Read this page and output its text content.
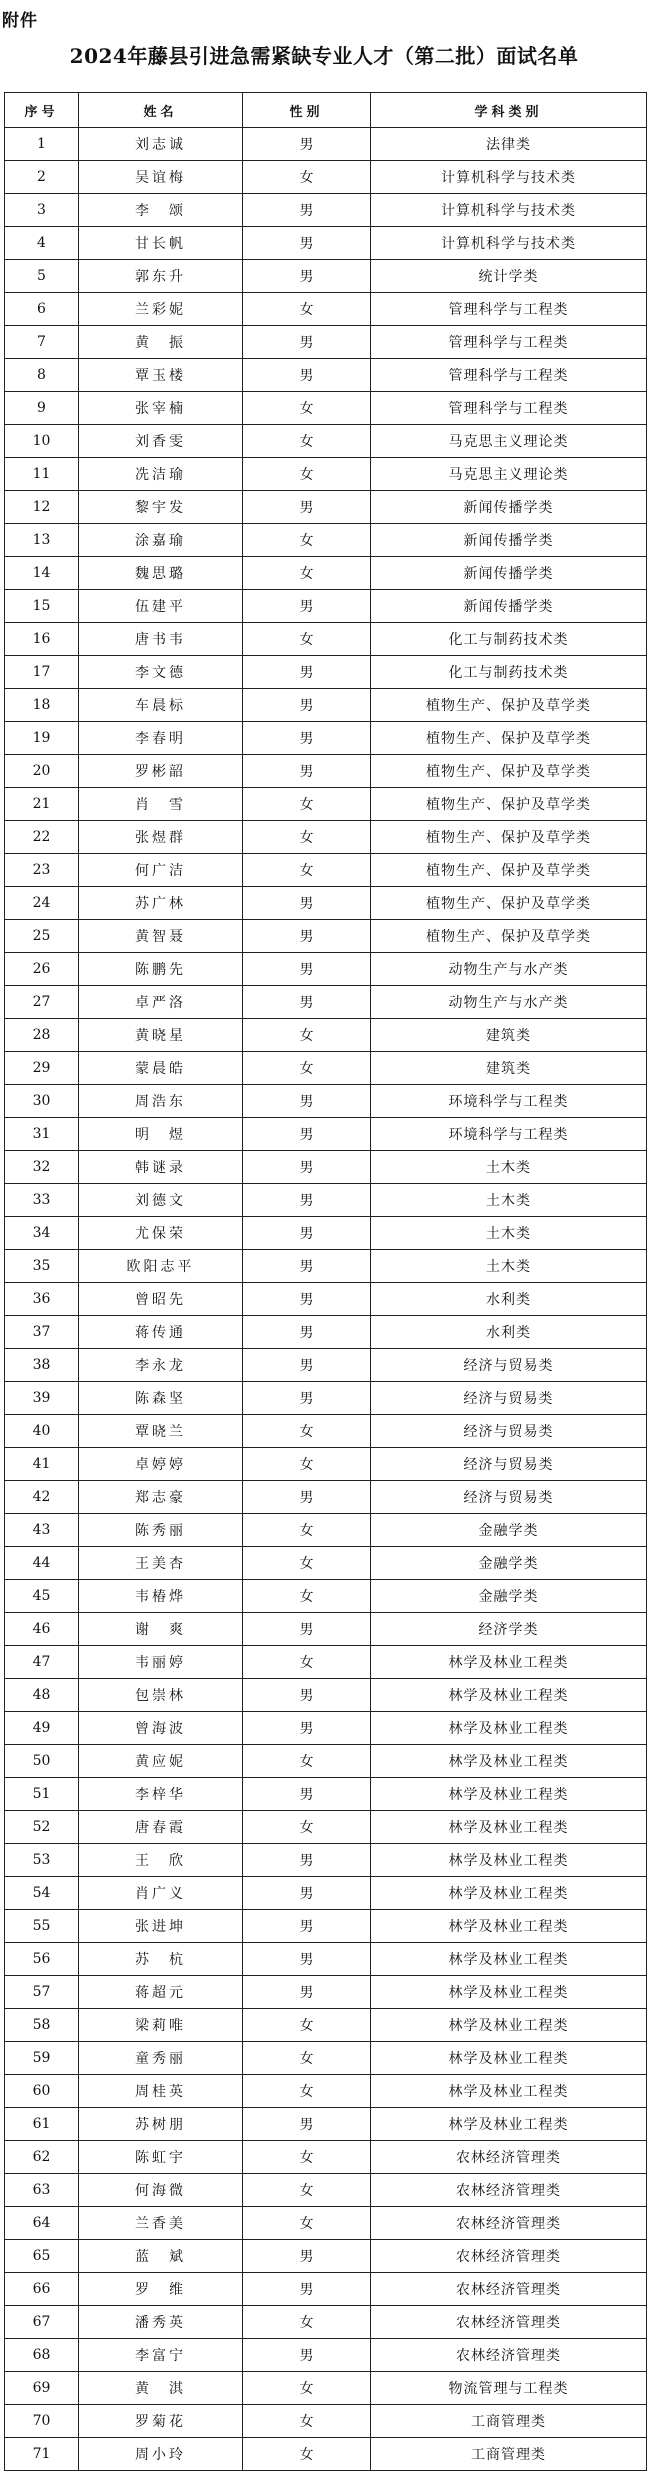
附件
2024年藤县引进急需紧缺专业人才（第二批）面试名单
序号	姓名	性别	学科类别
1	刘志诚	男	法律类
2	吴谊梅	女	计算机科学与技术类
3	李　颂	男	计算机科学与技术类
4	甘长帆	男	计算机科学与技术类
5	郭东升	男	统计学类
6	兰彩妮	女	管理科学与工程类
7	黄　振	男	管理科学与工程类
8	覃玉楼	男	管理科学与工程类
9	张宰楠	女	管理科学与工程类
10	刘香雯	女	马克思主义理论类
11	冼洁瑜	女	马克思主义理论类
12	黎宇发	男	新闻传播学类
13	涂嘉瑜	女	新闻传播学类
14	魏思璐	女	新闻传播学类
15	伍建平	男	新闻传播学类
16	唐书韦	女	化工与制药技术类
17	李文德	男	化工与制药技术类
18	车晨标	男	植物生产、保护及草学类
19	李春明	男	植物生产、保护及草学类
20	罗彬韶	男	植物生产、保护及草学类
21	肖　雪	女	植物生产、保护及草学类
22	张煜群	女	植物生产、保护及草学类
23	何广洁	女	植物生产、保护及草学类
24	苏广林	男	植物生产、保护及草学类
25	黄智聂	男	植物生产、保护及草学类
26	陈鹏先	男	动物生产与水产类
27	卓严洛	男	动物生产与水产类
28	黄晓星	女	建筑类
29	蒙晨皓	女	建筑类
30	周浩东	男	环境科学与工程类
31	明　煜	男	环境科学与工程类
32	韩谜录	男	土木类
33	刘德文	男	土木类
34	尤保荣	男	土木类
35	欧阳志平	男	土木类
36	曾昭先	男	水利类
37	蒋传通	男	水利类
38	李永龙	男	经济与贸易类
39	陈森坚	男	经济与贸易类
40	覃晓兰	女	经济与贸易类
41	卓婷婷	女	经济与贸易类
42	郑志豪	男	经济与贸易类
43	陈秀丽	女	金融学类
44	王美杏	女	金融学类
45	韦椿烨	女	金融学类
46	谢　爽	男	经济学类
47	韦丽婷	女	林学及林业工程类
48	包崇林	男	林学及林业工程类
49	曾海波	男	林学及林业工程类
50	黄应妮	女	林学及林业工程类
51	李梓华	男	林学及林业工程类
52	唐春霞	女	林学及林业工程类
53	王　欣	男	林学及林业工程类
54	肖广义	男	林学及林业工程类
55	张进坤	男	林学及林业工程类
56	苏　杭	男	林学及林业工程类
57	蒋超元	男	林学及林业工程类
58	梁莉唯	女	林学及林业工程类
59	童秀丽	女	林学及林业工程类
60	周桂英	女	林学及林业工程类
61	苏树朋	男	林学及林业工程类
62	陈虹宇	女	农林经济管理类
63	何海微	女	农林经济管理类
64	兰香美	女	农林经济管理类
65	蓝　斌	男	农林经济管理类
66	罗　维	男	农林经济管理类
67	潘秀英	女	农林经济管理类
68	李富宁	男	农林经济管理类
69	黄　淇	女	物流管理与工程类
70	罗菊花	女	工商管理类
71	周小玲	女	工商管理类
